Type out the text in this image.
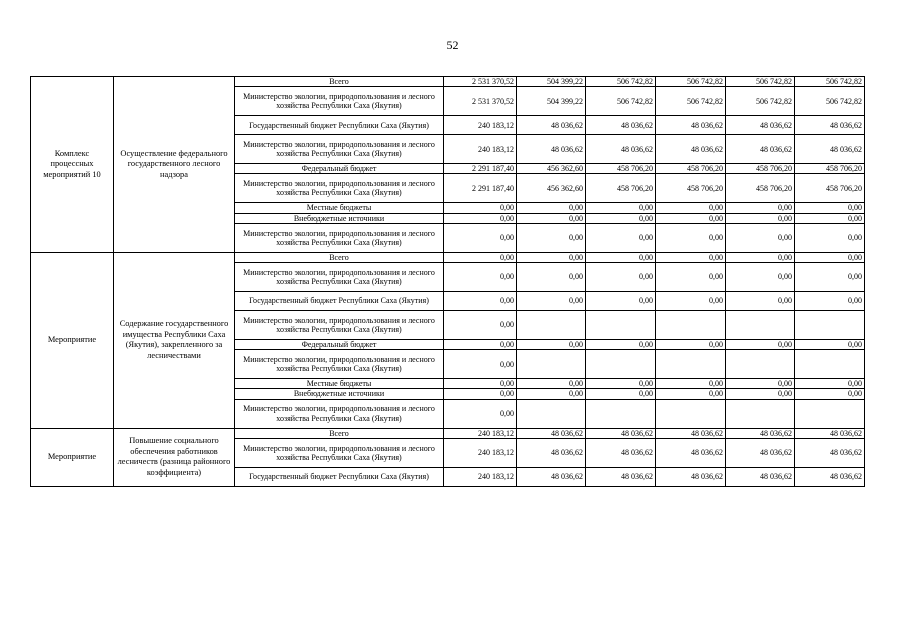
52
Комплекс процессных мероприятий 10	Осуществление федерального государственного лесного надзора	Всего	2 531 370,52	504 399,22	506 742,82	506 742,82	506 742,82	506 742,82
		Министерство экологии, природопользования и лесного хозяйства Республики Саха (Якутия)	2 531 370,52	504 399,22	506 742,82	506 742,82	506 742,82	506 742,82
		Государственный бюджет Республики Саха (Якутия)	240 183,12	48 036,62	48 036,62	48 036,62	48 036,62	48 036,62
		Министерство экологии, природопользования и лесного хозяйства Республики Саха (Якутия)	240 183,12	48 036,62	48 036,62	48 036,62	48 036,62	48 036,62
		Федеральный бюджет	2 291 187,40	456 362,60	458 706,20	458 706,20	458 706,20	458 706,20
		Министерство экологии, природопользования и лесного хозяйства Республики Саха (Якутия)	2 291 187,40	456 362,60	458 706,20	458 706,20	458 706,20	458 706,20
		Местные бюджеты	0,00	0,00	0,00	0,00	0,00	0,00
		Внебюджетные источники	0,00	0,00	0,00	0,00	0,00	0,00
		Министерство экологии, природопользования и лесного хозяйства Республики Саха (Якутия)	0,00	0,00	0,00	0,00	0,00	0,00
Мероприятие	Содержание государственного имущества Республики Саха (Якутия), закрепленного за лесничествами	Всего	0,00	0,00	0,00	0,00	0,00	0,00
		Министерство экологии, природопользования и лесного хозяйства Республики Саха (Якутия)	0,00	0,00	0,00	0,00	0,00	0,00
		Государственный бюджет Республики Саха (Якутия)	0,00	0,00	0,00	0,00	0,00	0,00
		Министерство экологии, природопользования и лесного хозяйства Республики Саха (Якутия)	0,00					
		Федеральный бюджет	0,00	0,00	0,00	0,00	0,00	0,00
		Министерство экологии, природопользования и лесного хозяйства Республики Саха (Якутия)	0,00					
		Местные бюджеты	0,00	0,00	0,00	0,00	0,00	0,00
		Внебюджетные источники	0,00	0,00	0,00	0,00	0,00	0,00
		Министерство экологии, природопользования и лесного хозяйства Республики Саха (Якутия)	0,00					
Мероприятие	Повышение социального обеспечения работников лесничеств (разница районного коэффициента)	Всего	240 183,12	48 036,62	48 036,62	48 036,62	48 036,62	48 036,62
		Министерство экологии, природопользования и лесного хозяйства Республики Саха (Якутия)	240 183,12	48 036,62	48 036,62	48 036,62	48 036,62	48 036,62
		Государственный бюджет Республики Саха (Якутия)	240 183,12	48 036,62	48 036,62	48 036,62	48 036,62	48 036,62
